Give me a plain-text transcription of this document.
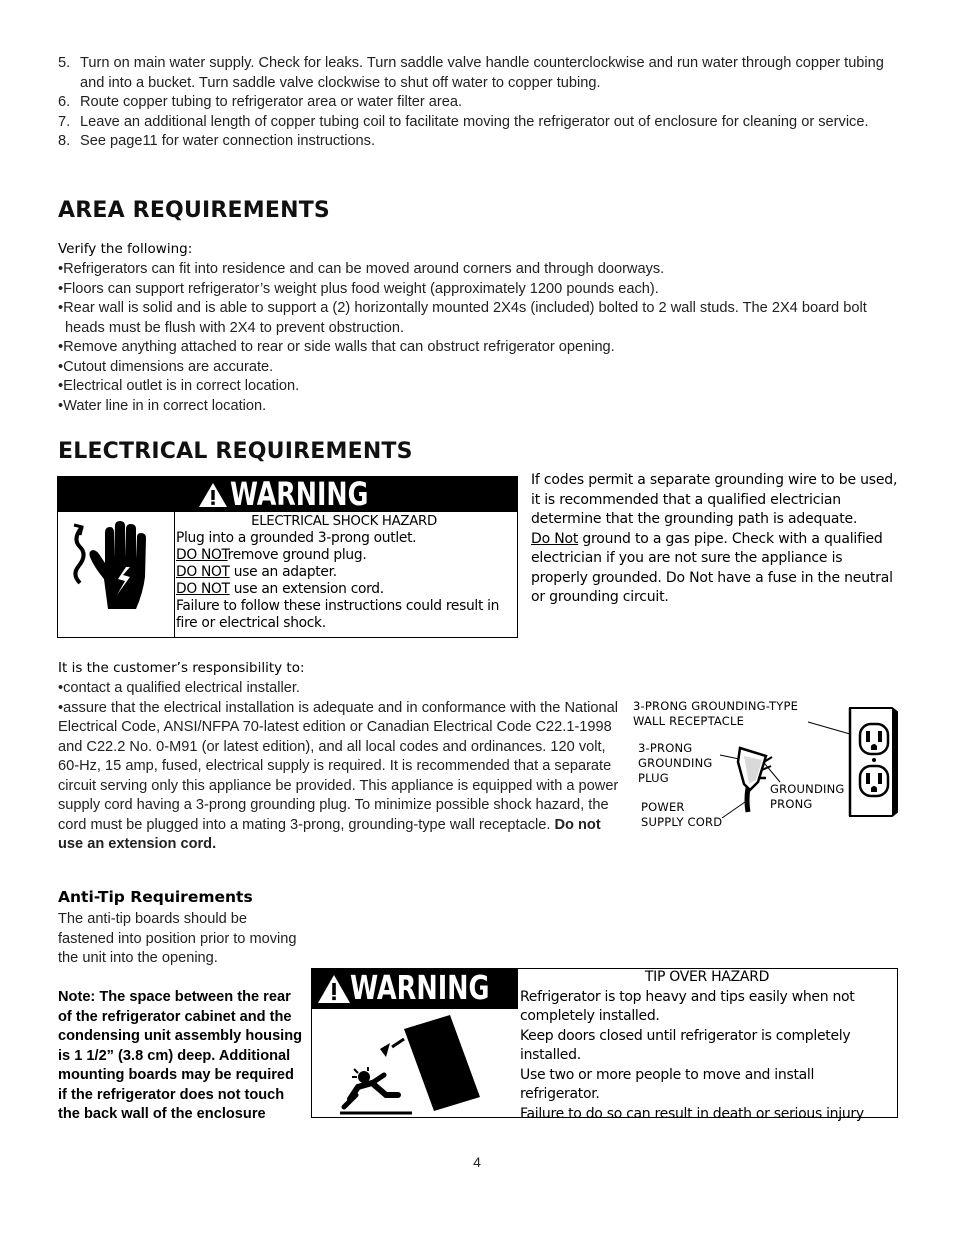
5. Turn on main water supply. Check for leaks. Turn saddle valve handle counterclockwise and run water through copper tubing and into a bucket. Turn saddle valve clockwise to shut off water to copper tubing.
6. Route copper tubing to refrigerator area or water filter area.
7. Leave an additional length of copper tubing coil to facilitate moving the refrigerator out of enclosure for cleaning or service.
8. See page11 for water connection instructions.
AREA REQUIREMENTS
Verify the following:
•Refrigerators can fit into residence and can be moved around corners and through doorways.
•Floors can support refrigerator’s weight plus food weight (approximately 1200 pounds each).
•Rear wall is solid and is able to support a (2) horizontally mounted 2X4s (included) bolted to 2 wall studs. The 2X4 board bolt heads must be flush with 2X4 to prevent obstruction.
•Remove anything attached to rear or side walls that can obstruct refrigerator opening.
•Cutout dimensions are accurate.
•Electrical outlet is in correct location.
•Water line in in correct location.
ELECTRICAL REQUIREMENTS
WARNING
ELECTRICAL SHOCK HAZARD
Plug into a grounded 3-prong outlet.
DO NOTremove ground plug.
DO NOT use an adapter.
DO NOT use an extension cord.
Failure to follow these instructions could result in fire or electrical shock.
If codes permit a separate grounding wire to be used, it is recommended that a qualified electrician determine that the grounding path is adequate.
Do Not ground to a gas pipe. Check with a qualified electrician if you are not sure the appliance is properly grounded. Do Not have a fuse in the neutral or grounding circuit.
It is the customer’s responsibility to:
•contact a qualified electrical installer.
•assure that the electrical installation is adequate and in conformance with the National Electrical Code, ANSI/NFPA 70-latest edition or Canadian Electrical Code C22.1-1998 and C22.2 No. 0-M91 (or latest edition), and all local codes and ordinances. 120 volt, 60-Hz, 15 amp, fused, electrical supply is required. It is recommended that a separate circuit serving only this appliance be provided. This appliance is equipped with a power supply cord having a 3-prong grounding plug. To minimize possible shock hazard, the cord must be plugged into a mating 3-prong, grounding-type wall receptacle. Do not use an extension cord.
3-PRONG GROUNDING-TYPE
WALL RECEPTACLE
3-PRONG
GROUNDING
PLUG
GROUNDING
PRONG
POWER
SUPPLY CORD
Anti-Tip Requirements
The anti-tip boards should be fastened into position prior to moving the unit into the opening.
Note: The space between the rear of the refrigerator cabinet and the condensing unit assembly housing is 1 1/2” (3.8 cm) deep. Additional mounting boards may be required if the refrigerator does not touch the back wall of the enclosure
WARNING	TIP OVER HAZARD
Refrigerator is top heavy and tips easily when not completely installed.
Keep doors closed until refrigerator is completely installed.
Use two or more people to move and install refrigerator.
Failure to do so can result in death or serious injury
4
